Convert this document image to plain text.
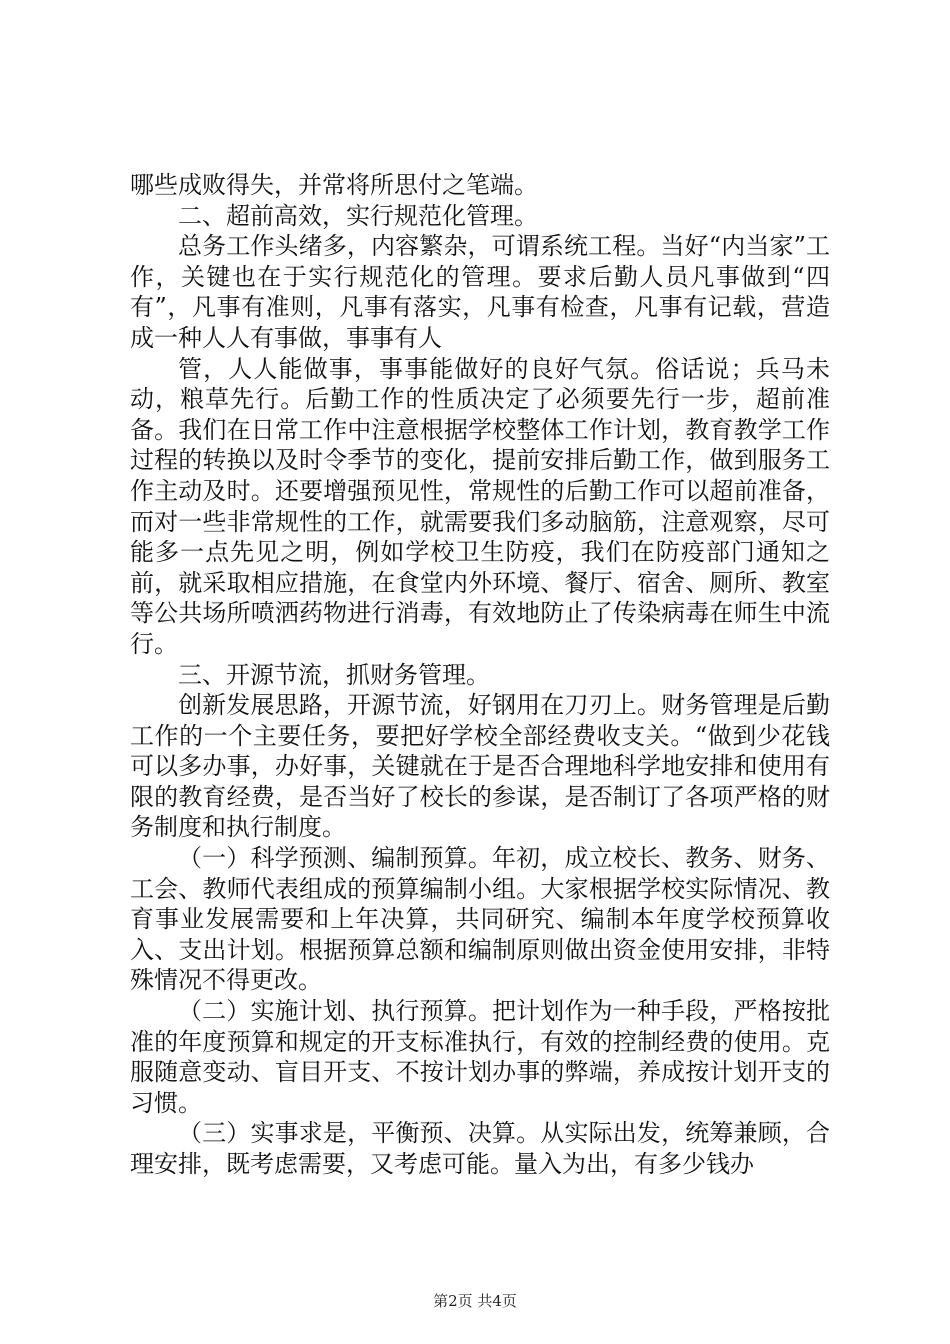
哪些成败得失，并常将所思付之笔端。

二、超前高效，实行规范化管理。

总务工作头绪多，内容繁杂，可谓系统工程。当好“内当家”工作，关键也在于实行规范化的管理。要求后勤人员凡事做到“四有”，凡事有准则，凡事有落实，凡事有检查，凡事有记载，营造成一种人人有事做，事事有人

管，人人能做事，事事能做好的良好气氛。俗话说；兵马未动，粮草先行。后勤工作的性质决定了必须要先行一步，超前准备。我们在日常工作中注意根据学校整体工作计划，教育教学工作过程的转换以及时令季节的变化，提前安排后勤工作，做到服务工作主动及时。还要增强预见性，常规性的后勤工作可以超前准备，而对一些非常规性的工作，就需要我们多动脑筋，注意观察，尽可能多一点先见之明，例如学校卫生防疫，我们在防疫部门通知之前，就采取相应措施，在食堂内外环境、餐厅、宿舍、厕所、教室等公共场所喷洒药物进行消毒，有效地防止了传染病毒在师生中流行。

三、开源节流，抓财务管理。

创新发展思路，开源节流，好钢用在刀刃上。财务管理是后勤工作的一个主要任务，要把好学校全部经费收支关。“做到少花钱可以多办事，办好事，关键就在于是否合理地科学地安排和使用有限的教育经费，是否当好了校长的参谋，是否制订了各项严格的财务制度和执行制度。

（一）科学预测、编制预算。年初，成立校长、教务、财务、工会、教师代表组成的预算编制小组。大家根据学校实际情况、教育事业发展需要和上年决算，共同研究、编制本年度学校预算收入、支出计划。根据预算总额和编制原则做出资金使用安排，非特殊情况不得更改。

（二）实施计划、执行预算。把计划作为一种手段，严格按批准的年度预算和规定的开支标准执行，有效的控制经费的使用。克服随意变动、盲目开支、不按计划办事的弊端，养成按计划开支的习惯。

（三）实事求是，平衡预、决算。从实际出发，统筹兼顾，合理安排，既考虑需要，又考虑可能。量入为出，有多少钱办

第2页 共4页
